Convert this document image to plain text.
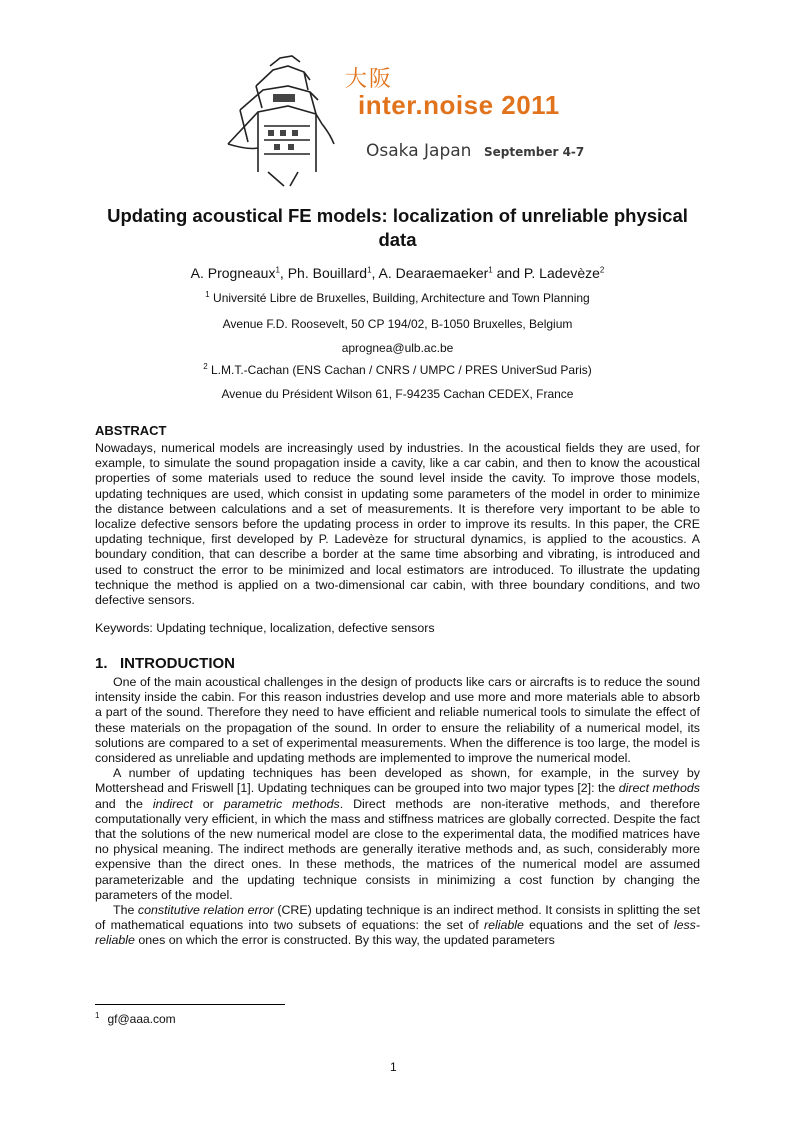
大阪
inter.noise 2011
Osaka Japan September 4-7
Updating acoustical FE models: localization of unreliable physical data
A. Progneaux$^1$, Ph. Bouillard$^1$, A. Dearaemaeker$^1$ and P. Ladevèze$^2$
$^1$ Université Libre de Bruxelles, Building, Architecture and Town Planning
Avenue F.D. Roosevelt, 50 CP 194/02, B-1050 Bruxelles, Belgium
aprognea@ulb.ac.be
$^2$ L.M.T.-Cachan (ENS Cachan / CNRS / UMPC / PRES UniverSud Paris)
Avenue du Président Wilson 61, F-94235 Cachan CEDEX, France
ABSTRACT

Nowadays, numerical models are increasingly used by industries. In the acoustical fields they are used, for example, to simulate the sound propagation inside a cavity, like a car cabin, and then to know the acoustical properties of some materials used to reduce the sound level inside the cavity. To improve those models, updating techniques are used, which consist in updating some parameters of the model in order to minimize the distance between calculations and a set of measurements. It is therefore very important to be able to localize defective sensors before the updating process in order to improve its results. In this paper, the CRE updating technique, first developed by P. Ladevèze for structural dynamics, is applied to the acoustics. A boundary condition, that can describe a border at the same time absorbing and vibrating, is introduced and used to construct the error to be minimized and local estimators are introduced. To illustrate the updating technique the method is applied on a two-dimensional car cabin, with three boundary conditions, and two defective sensors.

Keywords: Updating technique, localization, defective sensors

1. INTRODUCTION

One of the main acoustical challenges in the design of products like cars or aircrafts is to reduce the sound intensity inside the cabin. For this reason industries develop and use more and more materials able to absorb a part of the sound. Therefore they need to have efficient and reliable numerical tools to simulate the effect of these materials on the propagation of the sound. In order to ensure the reliability of a numerical model, its solutions are compared to a set of experimental measurements. When the difference is too large, the model is considered as unreliable and updating methods are implemented to improve the numerical model.

A number of updating techniques has been developed as shown, for example, in the survey by Mottershead and Friswell [1]. Updating techniques can be grouped into two major types [2]: the direct methods and the indirect or parametric methods. Direct methods are non-iterative methods, and therefore computationally very efficient, in which the mass and stiffness matrices are globally corrected. Despite the fact that the solutions of the new numerical model are close to the experimental data, the modified matrices have no physical meaning. The indirect methods are generally iterative methods and, as such, considerably more expensive than the direct ones. In these methods, the matrices of the numerical model are assumed parameterizable and the updating technique consists in minimizing a cost function by changing the parameters of the model.

The constitutive relation error (CRE) updating technique is an indirect method. It consists in splitting the set of mathematical equations into two subsets of equations: the set of reliable equations and the set of less-reliable ones on which the error is constructed. By this way, the updated parameters

$^1$ gf@aaa.com
1
